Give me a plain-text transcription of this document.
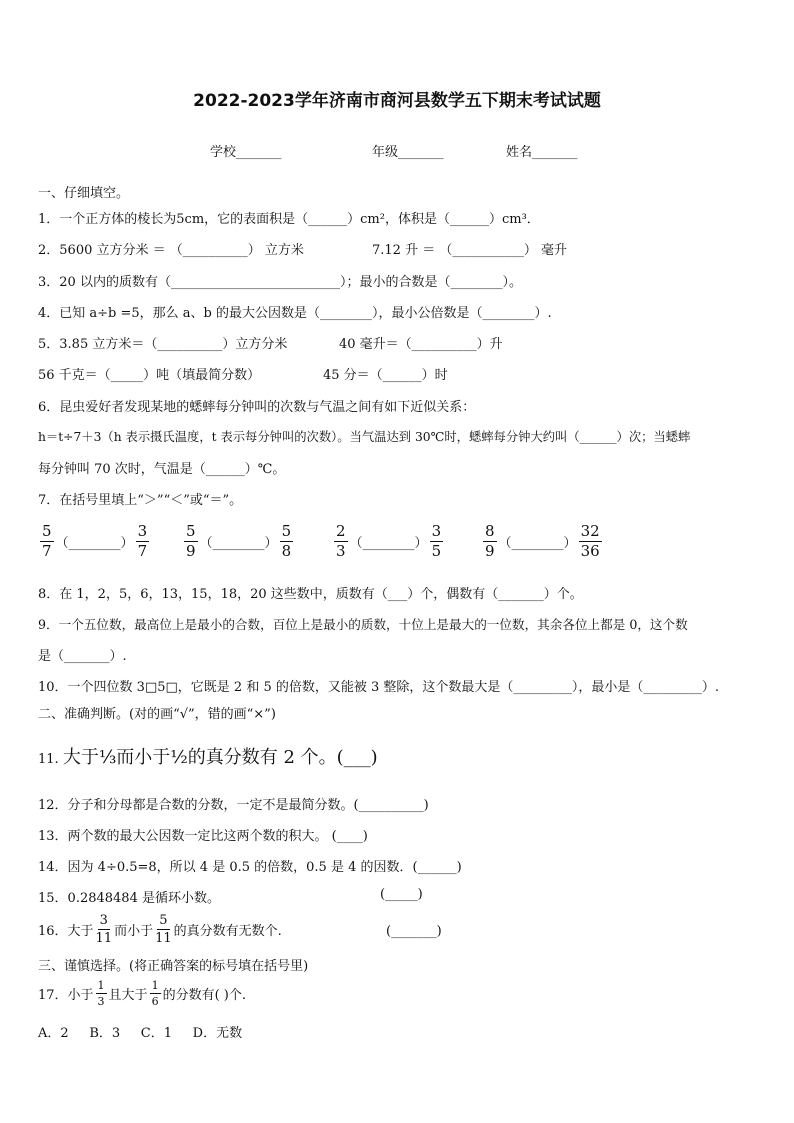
2022-2023学年济南市商河县数学五下期末考试试题
学校_______	年级_______	姓名_______
一、仔细填空。
1．一个正方体的棱长为5cm，它的表面积是（______）cm²，体积是（______）cm³．
2．5600 立方分米 ＝ （__________） 立方米	7.12 升 ＝ （___________） 毫升
3．20 以内的质数有（__________________________）；最小的合数是（________）。
4．已知 a÷b =5，那么 a、b 的最大公因数是（________），最小公倍数是（________）.
5．3.85 立方米＝（__________）立方分米	40 毫升＝（__________）升
56 千克＝（_____）吨（填最简分数）	45 分＝（______）时
6．昆虫爱好者发现某地的蟋蟀每分钟叫的次数与气温之间有如下近似关系：
h＝t÷7＋3（h 表示摄氏温度，t 表示每分钟叫的次数）。当气温达到 30℃时，蟋蟀每分钟大约叫（______）次；当蟋蟀
每分钟叫 70 次时，气温是（______）℃。
7．在括号里填上“＞”“＜”或“＝”。
$\frac{5}{7}$ （________） $\frac{3}{7} \frac{5}{9}$ （________） $\frac{5}{8}$	$\frac{2}{3}$ （________） $\frac{3}{5}$	$\frac{8}{9}$ （________） $\frac{32}{36}$
8．在 1，2，5，6，13，15，18，20 这些数中，质数有（___）个，偶数有（_______）个。
9．一个五位数，最高位上是最小的合数，百位上是最小的质数，十位上是最大的一位数，其余各位上都是 0，这个数
是（_______）.
10．一个四位数 3□5□，它既是 2 和 5 的倍数，又能被 3 整除，这个数最大是（_________），最小是（_________）.
二、准确判断。(对的画“√”，错的画“×”)
11. 大于⅓而小于½的真分数有 2 个。(___)
12．分子和分母都是合数的分数，一定不是最简分数。(__________)
13．两个数的最大公因数一定比这两个数的积大。 (____)
14．因为 4÷0.5=8，所以 4 是 0.5 的倍数，0.5 是 4 的因数．(______)
15．0.2848484 是循环小数。	(_____)
16．大于 $\frac{3}{11}$ 而小于 $\frac{5}{11}$ 的真分数有无数个.	(_______)
三、谨慎选择。(将正确答案的标号填在括号里)
17．小于 $\frac{1}{3}$ 且大于 $\frac{1}{6}$ 的分数有( )个.
A．2     B．3     C．1     D．无数
